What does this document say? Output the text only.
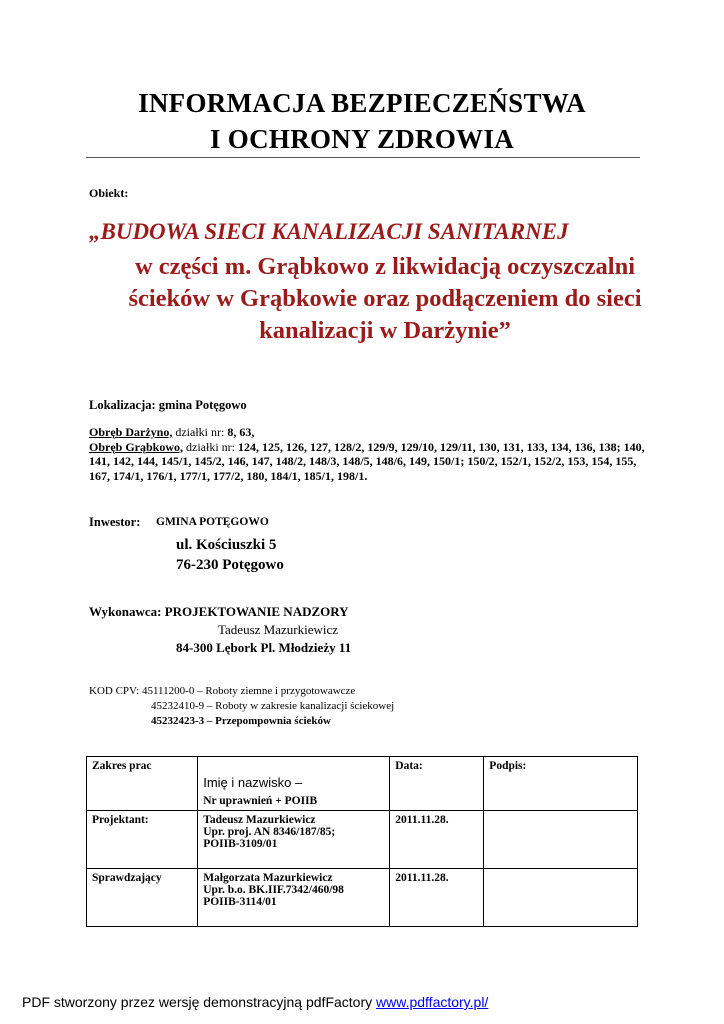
INFORMACJA BEZPIECZEŃSTWA
I OCHRONY ZDROWIA
Obiekt:
„BUDOWA SIECI KANALIZACJI SANITARNEJ
w części m. Grąbkowo z likwidacją oczyszczalni ścieków w Grąbkowie oraz podłączeniem do sieci kanalizacji w Darżynie”
Lokalizacja: gmina Potęgowo
Obręb Darżyno, działki nr: 8, 63,
Obręb Grąbkowo, działki nr: 124, 125, 126, 127, 128/2, 129/9, 129/10, 129/11, 130, 131, 133, 134, 136, 138; 140, 141, 142, 144, 145/1, 145/2, 146, 147, 148/2, 148/3, 148/5, 148/6, 149, 150/1; 150/2, 152/1, 152/2, 153, 154, 155, 167, 174/1, 176/1, 177/1, 177/2, 180, 184/1, 185/1, 198/1.
Inwestor: GMINA POTĘGOWO
ul. Kościuszki 5
76-230 Potęgowo
Wykonawca: PROJEKTOWANIE NADZORY
Tadeusz Mazurkiewicz
84-300 Lębork Pl. Młodzieży 11
KOD CPV: 45111200-0 – Roboty ziemne i przygotowawcze
45232410-9 – Roboty w zakresie kanalizacji ściekowej
45232423-3 – Przepompownia ścieków
Zakres prac	Imię i nazwisko –	Data:	Podpis:
	Nr uprawnień + POIIB		
Projektant:	Tadeusz Mazurkiewicz
Upr. proj. AN 8346/187/85;
POIIB-3109/01	2011.11.28.	
Sprawdzający	Małgorzata Mazurkiewicz
Upr. b.o. BK.IIF.7342/460/98
POIIB-3114/01	2011.11.28.	
PDF stworzony przez wersję demonstracyjną pdfFactory www.pdffactory.pl/
